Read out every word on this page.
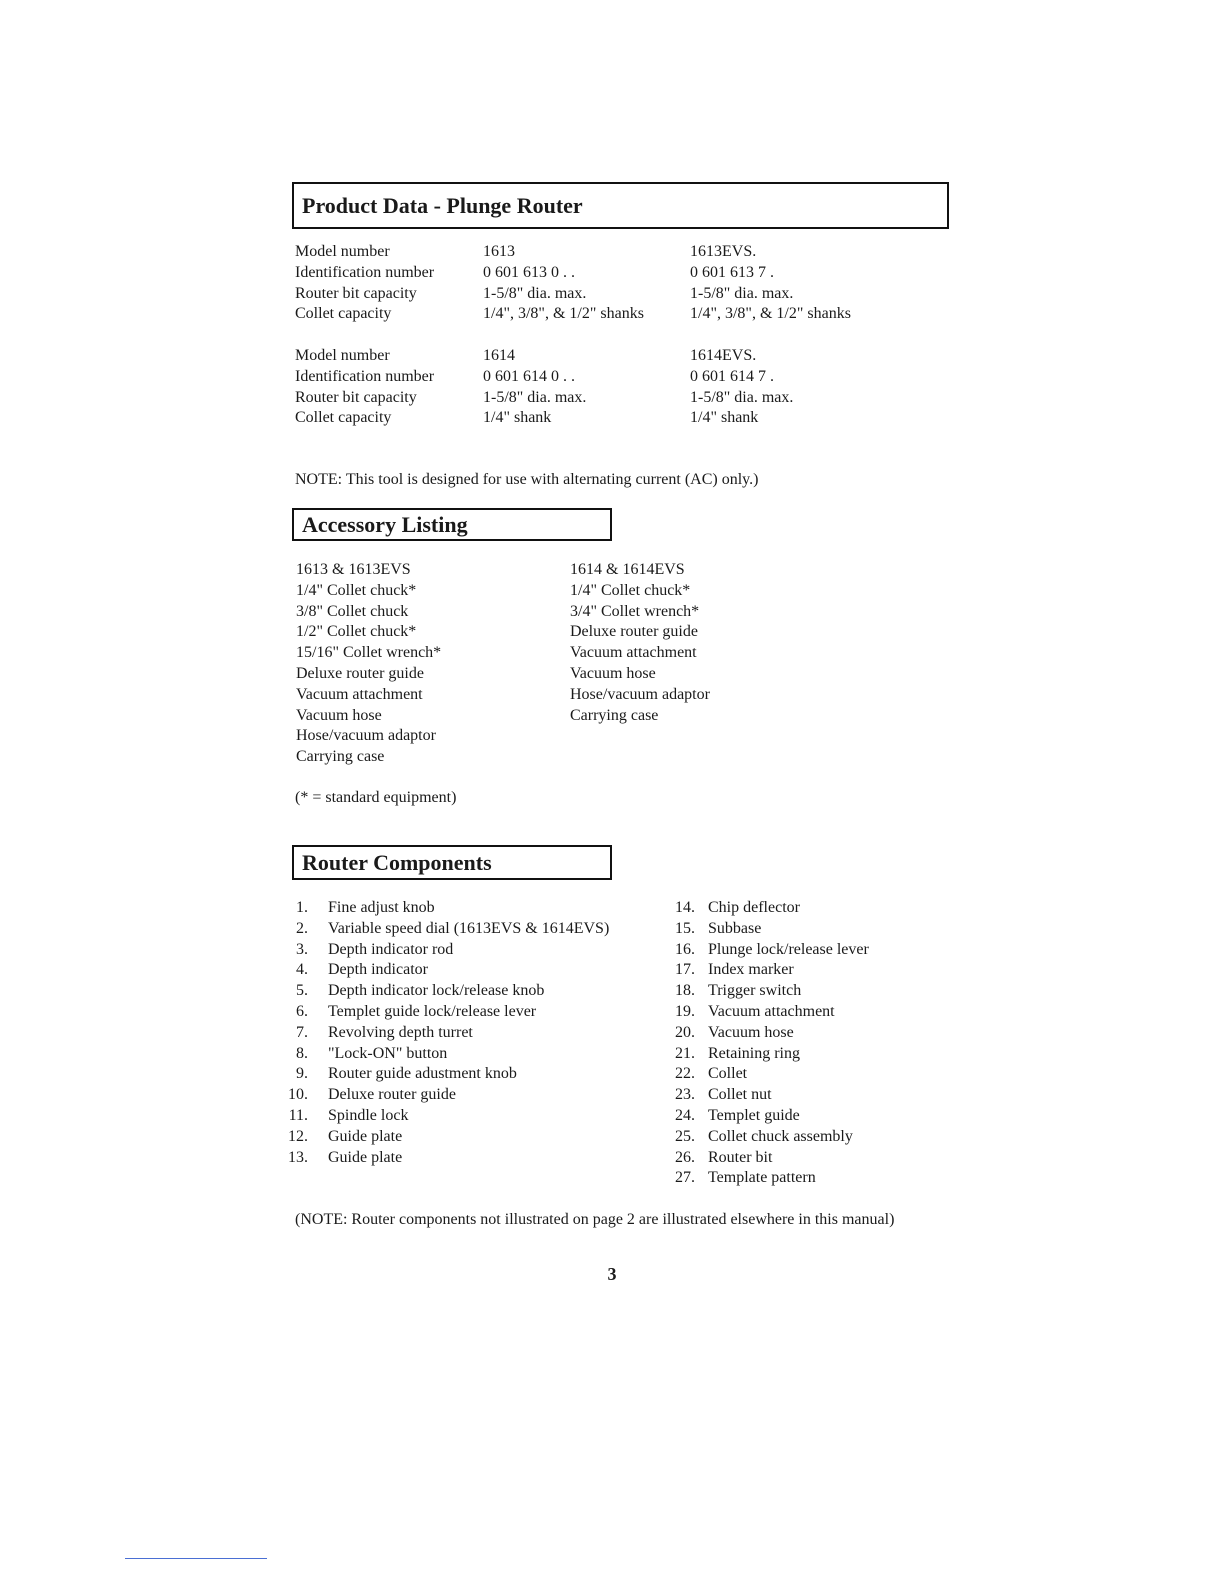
Product Data - Plunge Router
Model number	1613	1613EVS.
Identification number	0 601 613 0 . .	0 601 613 7 .
Router bit capacity	1-5/8" dia. max.	1-5/8" dia. max.
Collet capacity	1/4", 3/8", & 1/2" shanks	1/4", 3/8", & 1/2" shanks
Model number	1614	1614EVS.
Identification number	0 601 614 0 . .	0 601 614 7 .
Router bit capacity	1-5/8" dia. max.	1-5/8" dia. max.
Collet capacity	1/4" shank	1/4" shank
NOTE: This tool is designed for use with alternating current (AC) only.)
Accessory Listing
1613 & 1613EVS
1/4" Collet chuck*
3/8" Collet chuck
1/2" Collet chuck*
15/16" Collet wrench*
Deluxe router guide
Vacuum attachment
Vacuum hose
Hose/vacuum adaptor
Carrying case
1614 & 1614EVS
1/4" Collet chuck*
3/4" Collet wrench*
Deluxe router guide
Vacuum attachment
Vacuum hose
Hose/vacuum adaptor
Carrying case
(* = standard equipment)
Router Components
1. Fine adjust knob
2. Variable speed dial (1613EVS & 1614EVS)
3. Depth indicator rod
4. Depth indicator
5. Depth indicator lock/release knob
6. Templet guide lock/release lever
7. Revolving depth turret
8. "Lock-ON" button
9. Router guide adustment knob
10. Deluxe router guide
11. Spindle lock
12. Guide plate
13. Guide plate
14. Chip deflector
15. Subbase
16. Plunge lock/release lever
17. Index marker
18. Trigger switch
19. Vacuum attachment
20. Vacuum hose
21. Retaining ring
22. Collet
23. Collet nut
24. Templet guide
25. Collet chuck assembly
26. Router bit
27. Template pattern
(NOTE: Router components not illustrated on page 2 are illustrated elsewhere in this manual)
3
